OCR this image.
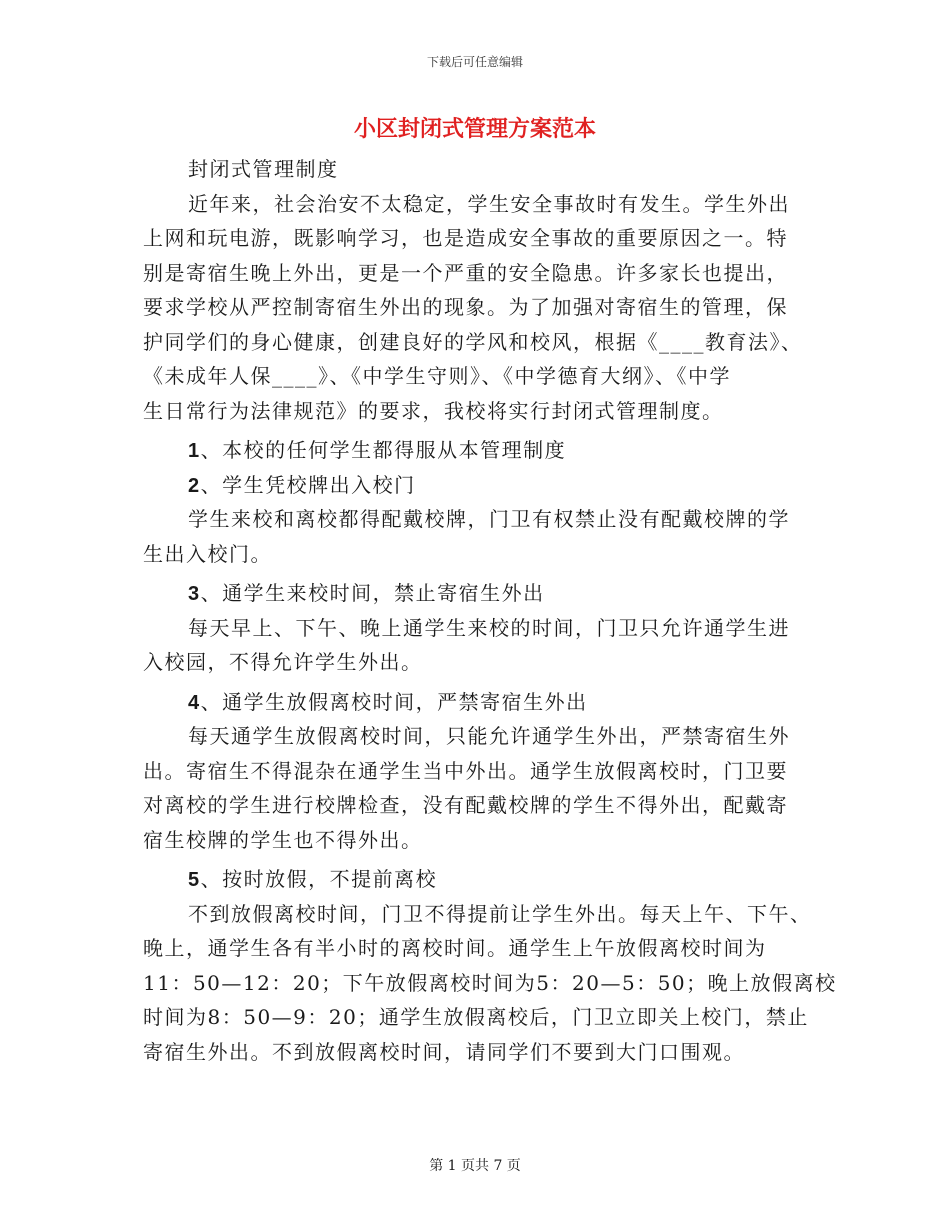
下载后可任意编辑
小区封闭式管理方案范本
封闭式管理制度
近年来，社会治安不太稳定，学生安全事故时有发生。学生外出
上网和玩电游，既影响学习，也是造成安全事故的重要原因之一。特
别是寄宿生晚上外出，更是一个严重的安全隐患。许多家长也提出，
要求学校从严控制寄宿生外出的现象。为了加强对寄宿生的管理，保
护同学们的身心健康，创建良好的学风和校风，根据《____教育法》、
《未成年人保____》、《中学生守则》、《中学德育大纲》、《中学
生日常行为法律规范》的要求，我校将实行封闭式管理制度。
1、本校的任何学生都得服从本管理制度
2、学生凭校牌出入校门
学生来校和离校都得配戴校牌，门卫有权禁止没有配戴校牌的学
生出入校门。
3、通学生来校时间，禁止寄宿生外出
每天早上、下午、晚上通学生来校的时间，门卫只允许通学生进
入校园，不得允许学生外出。
4、通学生放假离校时间，严禁寄宿生外出
每天通学生放假离校时间，只能允许通学生外出，严禁寄宿生外
出。寄宿生不得混杂在通学生当中外出。通学生放假离校时，门卫要
对离校的学生进行校牌检查，没有配戴校牌的学生不得外出，配戴寄
宿生校牌的学生也不得外出。
5、按时放假，不提前离校
不到放假离校时间，门卫不得提前让学生外出。每天上午、下午、
晚上，通学生各有半小时的离校时间。通学生上午放假离校时间为
11：50—12：20；下午放假离校时间为5：20—5：50；晚上放假离校
时间为8：50—9：20；通学生放假离校后，门卫立即关上校门，禁止
寄宿生外出。不到放假离校时间，请同学们不要到大门口围观。
第 1 页共 7 页
